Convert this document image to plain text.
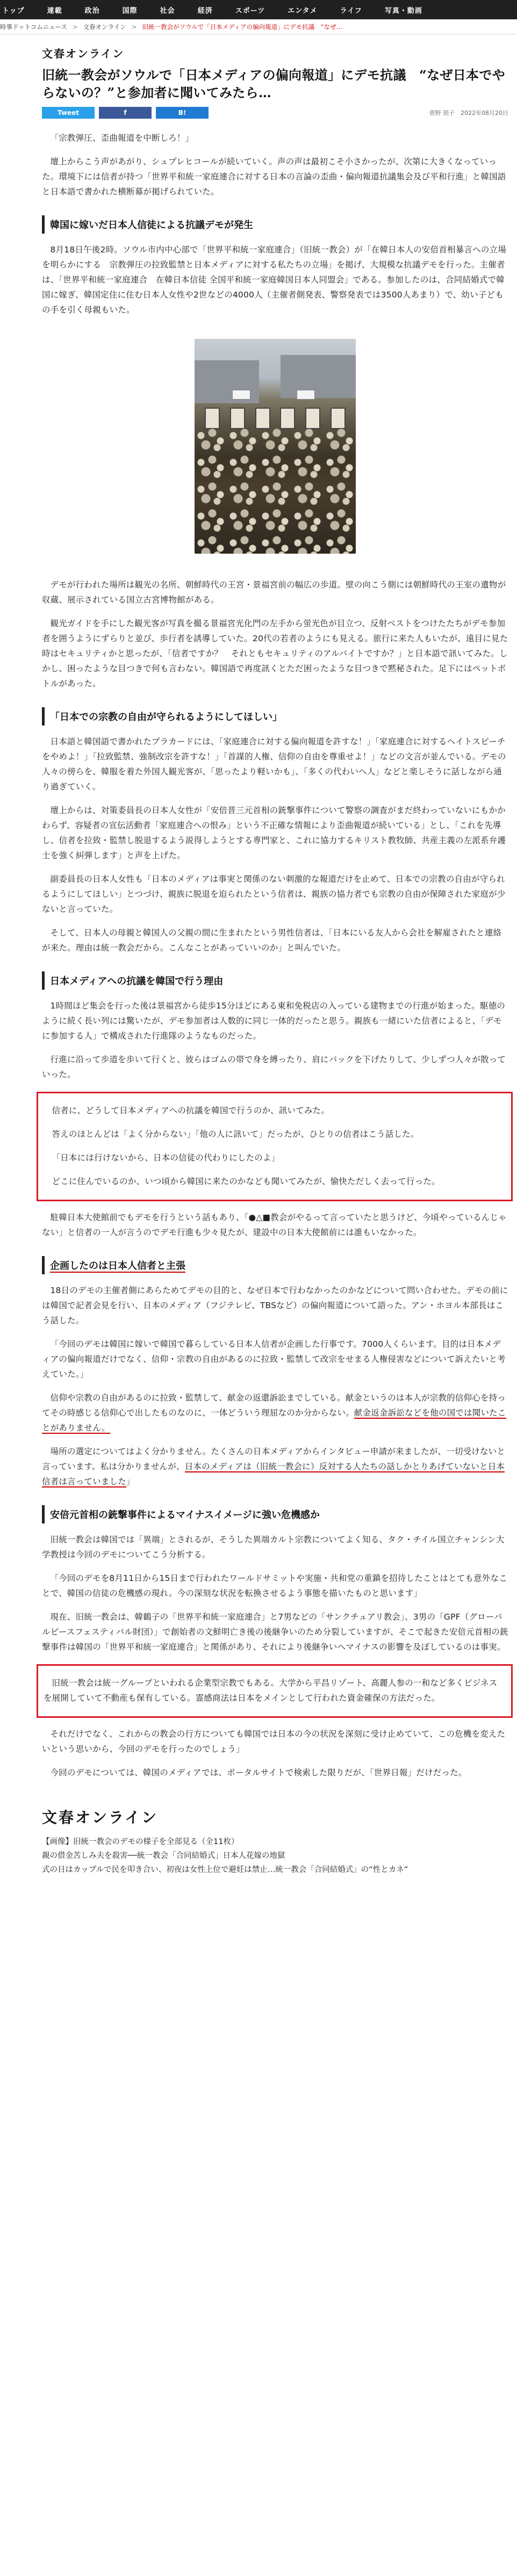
トップ	連載	政治	国際	社会	経済	スポーツ	エンタメ	ライフ	写真・動画
時事ドットコムニュース > 文春オンライン > 旧統一教会がソウルで「日本メディアの偏向報道」にデモ抗議　“なぜ…
文春オンライン
旧統一教会がソウルで「日本メディアの偏向報道」にデモ抗議　“なぜ日本でやらないの？”と参加者に聞いてみたら…
Tweet	f	B!	菅野 朋子　2022年08月20日

「宗教弾圧、歪曲報道を中断しろ！」

壇上からこう声があがり、シュプレヒコールが続いていく。声の声は最初こそ小さかったが、次第に大きくなっていった。環境下には信者が持つ「世界平和統一家庭連合に対する日本の言論の歪曲・偏向報道抗議集会及び平和行進」と韓国語と日本語で書かれた横断幕が掲げられていた。

韓国に嫁いだ日本人信徒による抗議デモが発生

8月18日午後2時。ソウル市内中心部で「世界平和統一家庭連合」（旧統一教会）が「在韓日本人の安倍首相暴言への立場を明らかにする　宗教弾圧の拉致監禁と日本メディアに対する私たちの立場」を掲げ、大規模な抗議デモを行った。主催者は、「世界平和統一家庭連合　在韓日本信徒 全国平和統一家庭韓国日本人同盟会」である。参加したのは、合同結婚式で韓国に嫁ぎ、韓国定住に住む日本人女性や2世などの4000人（主催者側発表、警察発表では3500人あまり）で、幼い子どもの手を引く母親もいた。

デモが行われた場所は観光の名所、朝鮮時代の王宮・景福宮前の幅広の歩道。壁の向こう側には朝鮮時代の王室の遺物が収蔵、展示されている国立古宮博物館がある。

観光ガイドを手にした観光客が写真を撮る景福宮光化門の左手から蛍光色が目立つ、反射ベストをつけたたちがデモ参加者を囲うようにずらりと並び、歩行者を誘導していた。20代の若者のようにも見える。旅行に来た人もいたが、遠目に見た時はセキュリティかと思ったが、「信者ですか？　それともセキュリティのアルバイトですか？」と日本語で訊いてみた。しかし、困ったような目つきで何も言わない。韓国語で再度訊くとただ困ったような目つきで黙秘された。足下にはペットボトルがあった。

「日本での宗教の自由が守られるようにしてほしい」

日本語と韓国語で書かれたプラカードには、「家庭連合に対する偏向報道を許すな！」「家庭連合に対するヘイトスピーチをやめよ！」「拉致監禁、強制改宗を許すな！」「首謀的人権、信仰の自由を尊重せよ！」などの文言が並んでいる。デモの人々の傍らを、韓服を着た外国人観光客が、「思ったより軽いかも」、「多くの代わいへ人」などと楽しそうに話しながら通り過ぎていく。

壇上からは、対策委員長の日本人女性が「安倍晋三元首相の銃撃事件について警察の調査がまだ終わっていないにもかかわらず、容疑者の宣伝活動者「家庭連合への恨み」という不正確な情報により歪曲報道が続いている」とし、「これを先導し、信者を拉致・監禁し脱退するよう説得しようとする専門家と、これに協力するキリスト教牧師、共産主義の左派系弁護士を強く糾弾します」と声を上げた。

副委員長の日本人女性も「日本のメディアは事実と関係のない刺激的な報道だけを止めて、日本での宗教の自由が守られるようにしてほしい」とつづけ、親族に脱退を迫られたという信者は、親族の協力者でも宗教の自由が保障された家庭が少ないと言っていた。

そして、日本人の母親と韓国人の父親の間に生まれたという男性信者は、「日本にいる友人から会社を解雇されたと連絡が来た。理由は統一教会だから。こんなことがあっていいのか」と叫んでいた。

日本メディアへの抗議を韓国で行う理由

1時間ほど集会を行った後は景福宮から徒歩15分ほどにある東和免税店の入っている建物までの行進が始まった。駆徳のように続く長い列には驚いたが、デモ参加者は人数的に同じ一体的だったと思う。親族も一緒にいた信者によると、「デモに参加する人」で構成された行進隊のようなものだった。

行進に沿って歩道を歩いて行くと、彼らはゴムの帯で身を縛ったり、肩にバックを下げたりして、少しずつ人々が散っていった。

信者に、どうして日本メディアへの抗議を韓国で行うのか、訊いてみた。

答えのほとんどは「よく分からない」「他の人に訊いて」だったが、ひとりの信者はこう話した。

「日本には行けないから、日本の信徒の代わりにしたのよ」

どこに住んでいるのか、いつ頃から韓国に来たのかなども聞いてみたが、愉快ただしく去って行った。

駐韓日本大使館前でもデモを行うという話もあり、「●△■教会がやるって言っていたと思うけど、今頃やっているんじゃない」と信者の一人が言うのでデモ行進も少々見たが、建設中の日本大使館前には誰もいなかった。

企画したのは日本人信者と主張

18日のデモの主催者側にあらためてデモの目的と、なぜ日本で行わなかったのかなどについて問い合わせた。デモの前には韓国で記者会見を行い、日本のメディア（フジテレビ、TBSなど）の偏向報道について語った。アン・ホヨル本部長はこう話した。

「今回のデモは韓国に嫁いで韓国で暮らしている日本人信者が企画した行事です。7000人くらいます。目的は日本メディアの偏向報道だけでなく、信仰・宗教の自由があるのに拉致・監禁して改宗をせまる人権侵害などについて訴えたいと考えていた。」

信仰や宗教の自由があるのに拉致・監禁して、献金の返還訴訟までしている。献金というのは本人が宗教的信仰心を持ってその時感じる信仰心で出したものなのに、一体どういう理屈なのか分からない。献金返金訴訟などを他の国では聞いたことがありません。

場所の選定についてはよく分かりません。たくさんの日本メディアからインタビュー申請が来ましたが、一切受けないと言っています。私は分かりませんが、日本のメディアは（旧統一教会に）反対する人たちの話しかとりあげていないと日本信者は言っていました」

安倍元首相の銃撃事件によるマイナスイメージに強い危機感か

旧統一教会は韓国では「異端」とされるが、そうした異端カルト宗教についてよく知る、タク・チイル国立チャンシン大学教授は今回のデモについてこう分析する。

「今回のデモを8月11日から15日まで行われたワールドサミットや実施・共和党の重鎮を招待したことはとても意外なことで、韓国の信徒の危機感の現れ。今の深刻な状況を転換させるよう事態を描いたものと思います」

現在、旧統一教会は、韓鶴子の「世界平和統一家庭連合」と7男などの「サンクチュアリ教会」、3男の「GPF（グローバルピースフェスティバル財団）」で創始者の文鮮明亡き後の後継争いのため分裂していますが、そこで起きた安倍元首相の銃撃事件は韓国の「世界平和統一家庭連合」と関係があり、それにより後継争いへマイナスの影響を及ぼしているのは事実。

旧統一教会は統一グループといわれる企業型宗教でもある。大学から平昌リゾート、高麗人参の一和など多くビジネスを展開していて不動産も保有している。霊感商法は日本をメインとして行われた資金確保の方法だった。

それだけでなく、これからの教会の行方についても韓国では日本の今の状況を深刻に受け止めていて、この危機を変えたいという思いから、今回のデモを行ったのでしょう」

今回のデモについては、韓国のメディアでは、ポータルサイトで検索した限りだが、「世界日報」だけだった。

文春オンライン
【画像】旧統一教会のデモの様子を全部見る（全11枚）
親の借金苦しみ夫を殺害──統一教会「合同結婚式」日本人花嫁の地獄
式の日はカップルで民を叩き合い、初夜は女性上位で避妊は禁止…統一教会「合同結婚式」の“性とカネ”
